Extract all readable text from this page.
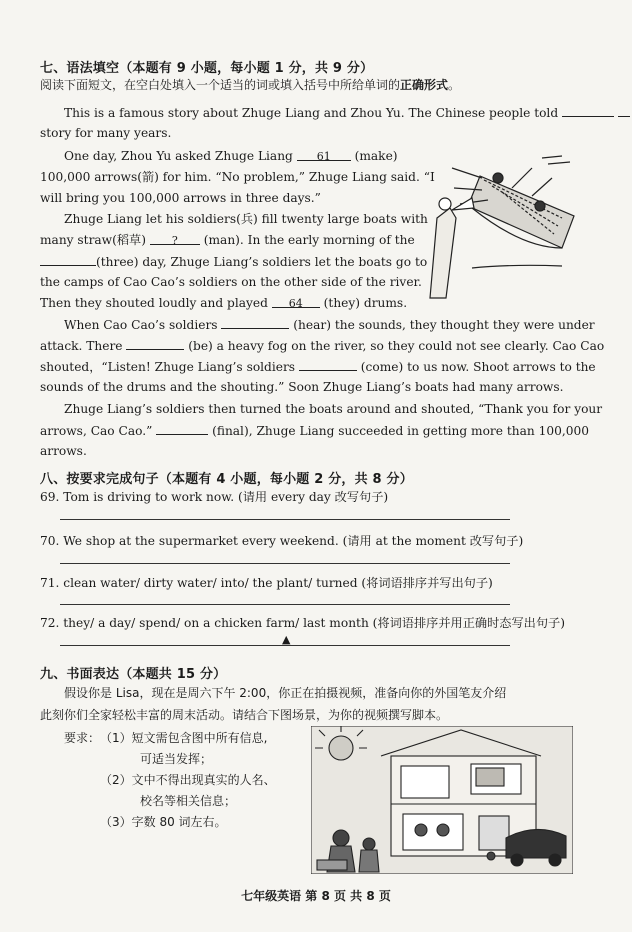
七、语法填空（本题有 9 小题，每小题 1 分，共 9 分）
阅读下面短文，在空白处填入一个适当的词或填入括号中所给单词的正确形式。
This is a famous story about Zhuge Liang and Zhou Yu. The Chinese people told
story for many years.
One day, Zhou Yu asked Zhuge Liang 61 (make)
100,000 arrows(箭) for him. “No problem,” Zhuge Liang said. “I
will bring you 100,000 arrows in three days.”
Zhuge Liang let his soldiers(兵) fill twenty large boats with
many straw(稻草) ? (man). In the early morning of the
(three) day, Zhuge Liang’s soldiers let the boats go to
the camps of Cao Cao’s soldiers on the other side of the river.
Then they shouted loudly and played 64 (they) drums.
When Cao Cao’s soldiers	(hear) the sounds, they thought they were under
attack. There	(be) a heavy fog on the river, so they could not see clearly. Cao Cao
shouted，“Listen! Zhuge Liang’s soldiers	(come) to us now. Shoot arrows to the
sounds of the drums and the shouting.” Soon Zhuge Liang’s boats had many arrows.
Zhuge Liang’s soldiers then turned the boats around and shouted, “Thank you for your
arrows, Cao Cao.”	(final), Zhuge Liang succeeded in getting more than 100,000
arrows.
八、按要求完成句子（本题有 4 小题，每小题 2 分，共 8 分）
69. Tom is driving to work now. (请用 every day 改写句子)
70. We shop at the supermarket every weekend. (请用 at the moment 改写句子)
71. clean water/ dirty water/ into/ the plant/ turned (将词语排序并写出句子)
72. they/ a day/ spend/ on a chicken farm/ last month (将词语排序并用正确时态写出句子)
▲
九、书面表达（本题共 15 分）
假设你是 Lisa，现在是周六下午 2:00，你正在拍摄视频，准备向你的外国笔友介绍
此刻你们全家轻松丰富的周末活动。请结合下图场景，为你的视频撰写脚本。
要求： （1）短文需包含图中所有信息,
可适当发挥；
（2）文中不得出现真实的人名、
校名等相关信息；
（3）字数 80 词左右。
七年级英语 第 8 页 共 8 页
